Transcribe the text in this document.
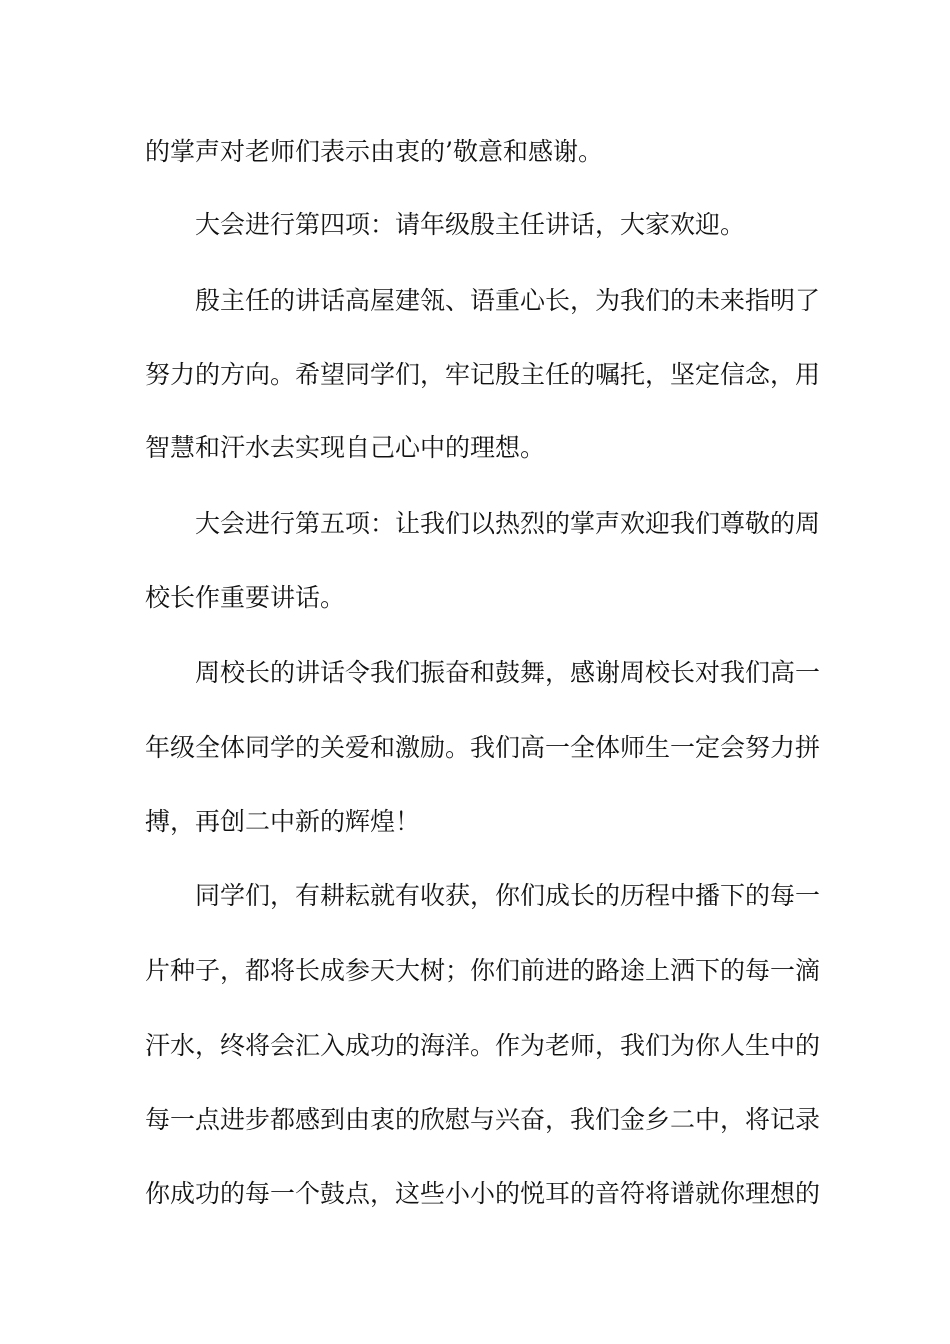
的掌声对老师们表示由衷的’敬意和感谢。
大会进行第四项：请年级殷主任讲话，大家欢迎。
殷主任的讲话高屋建瓴、语重心长，为我们的未来指明了
努力的方向。希望同学们，牢记殷主任的嘱托，坚定信念，用
智慧和汗水去实现自己心中的理想。
大会进行第五项：让我们以热烈的掌声欢迎我们尊敬的周
校长作重要讲话。
周校长的讲话令我们振奋和鼓舞，感谢周校长对我们高一
年级全体同学的关爱和激励。我们高一全体师生一定会努力拼
搏，再创二中新的辉煌！
同学们，有耕耘就有收获，你们成长的历程中播下的每一
片种子，都将长成参天大树；你们前进的路途上洒下的每一滴
汗水，终将会汇入成功的海洋。作为老师，我们为你人生中的
每一点进步都感到由衷的欣慰与兴奋，我们金乡二中，将记录
你成功的每一个鼓点，这些小小的悦耳的音符将谱就你理想的
